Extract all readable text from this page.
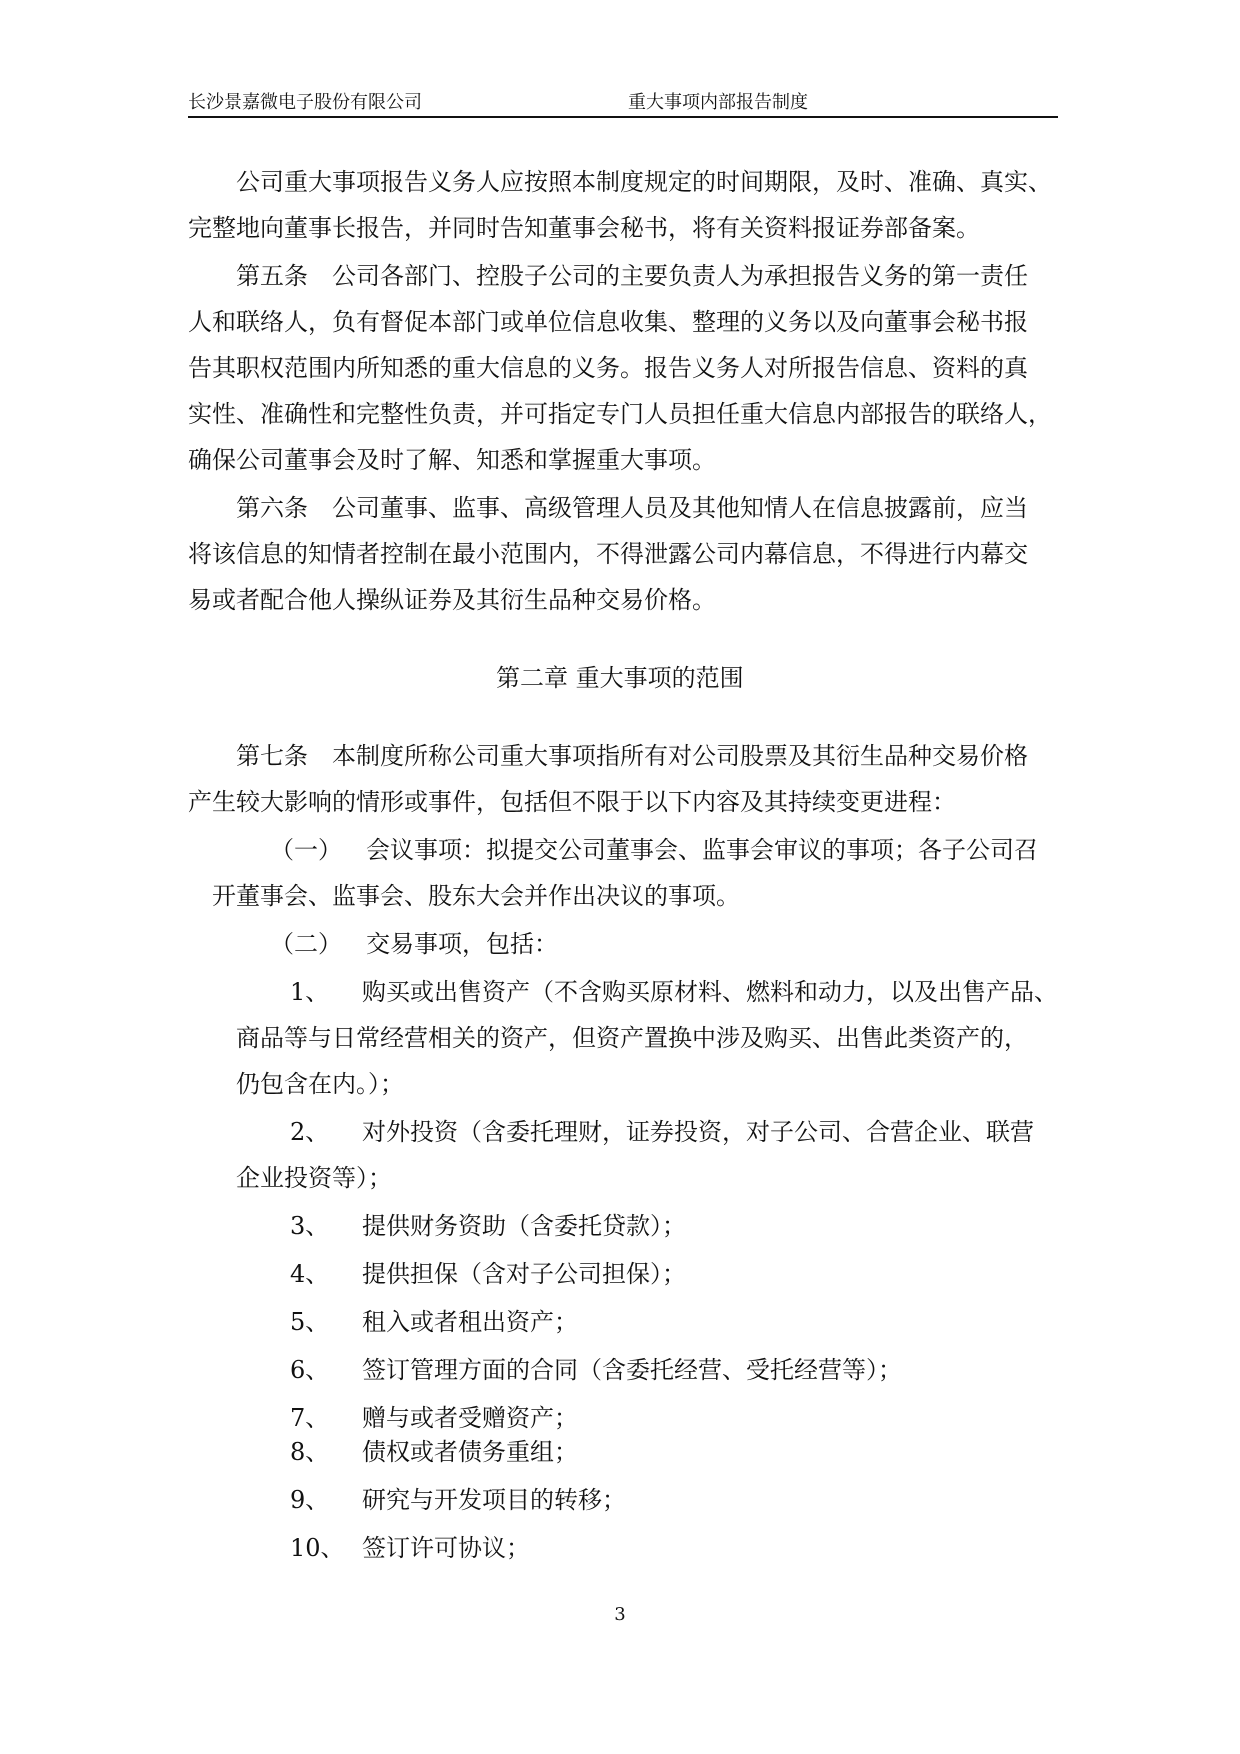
长沙景嘉微电子股份有限公司	重大事项内部报告制度
公司重大事项报告义务人应按照本制度规定的时间期限，及时、准确、真实、
完整地向董事长报告，并同时告知董事会秘书，将有关资料报证券部备案。
第五条　公司各部门、控股子公司的主要负责人为承担报告义务的第一责任
人和联络人，负有督促本部门或单位信息收集、整理的义务以及向董事会秘书报
告其职权范围内所知悉的重大信息的义务。报告义务人对所报告信息、资料的真
实性、准确性和完整性负责，并可指定专门人员担任重大信息内部报告的联络人，
确保公司董事会及时了解、知悉和掌握重大事项。
第六条　公司董事、监事、高级管理人员及其他知情人在信息披露前，应当
将该信息的知情者控制在最小范围内，不得泄露公司内幕信息，不得进行内幕交
易或者配合他人操纵证券及其衍生品种交易价格。
第二章 重大事项的范围
第七条　本制度所称公司重大事项指所有对公司股票及其衍生品种交易价格
产生较大影响的情形或事件，包括但不限于以下内容及其持续变更进程：
（一） 会议事项：拟提交公司董事会、监事会审议的事项；各子公司召
开董事会、监事会、股东大会并作出决议的事项。
（二） 交易事项，包括：
1、 购买或出售资产（不含购买原材料、燃料和动力，以及出售产品、
商品等与日常经营相关的资产，但资产置换中涉及购买、出售此类资产的，
仍包含在内。）；
2、 对外投资（含委托理财，证券投资，对子公司、合营企业、联营
企业投资等）；
3、 提供财务资助（含委托贷款）；
4、 提供担保（含对子公司担保）；
5、 租入或者租出资产；
6、 签订管理方面的合同（含委托经营、受托经营等）；
7、 赠与或者受赠资产；
8、 债权或者债务重组；
9、 研究与开发项目的转移；
10、 签订许可协议；
3
